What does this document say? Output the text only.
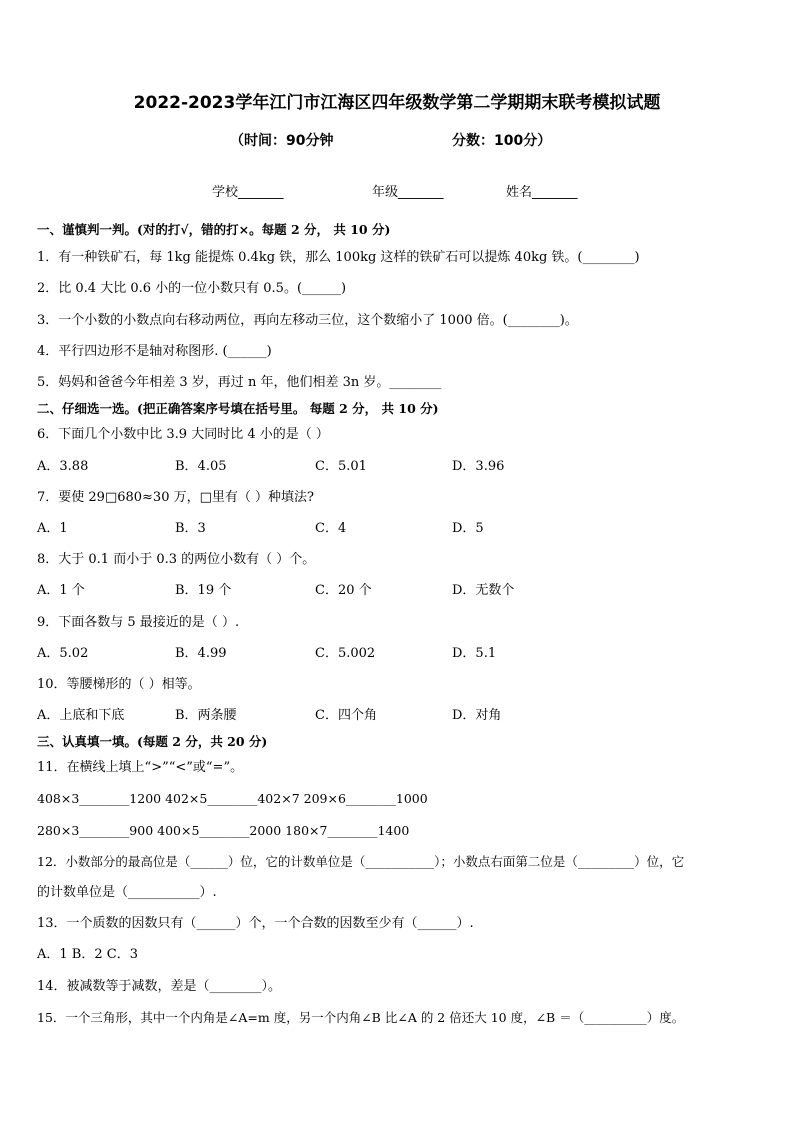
2022-2023学年江门市江海区四年级数学第二学期期末联考模拟试题
（时间：90分钟	分数：100分）
学校_______	年级_______	姓名_______
一、谨慎判一判。(对的打√，错的打×。每题 2 分， 共 10 分)
1．有一种铁矿石，每 1kg 能提炼 0.4kg 铁，那么 100kg 这样的铁矿石可以提炼 40kg 铁。(________)
2．比 0.4 大比 0.6 小的一位小数只有 0.5。(______)
3．一个小数的小数点向右移动两位，再向左移动三位，这个数缩小了 1000 倍。(________)。
4．平行四边形不是轴对称图形. (______)
5．妈妈和爸爸今年相差 3 岁，再过 n 年，他们相差 3n 岁。________
二、仔细选一选。(把正确答案序号填在括号里。 每题 2 分， 共 10 分)
6．下面几个小数中比 3.9 大同时比 4 小的是（ ）
A．3.88	B．4.05	C．5.01	D．3.96
7．要使 29□680≈30 万，□里有（ ）种填法?
A．1	B．3	C．4	D．5
8．大于 0.1 而小于 0.3 的两位小数有（ ）个。
A．1 个	B．19 个	C．20 个	D．无数个
9．下面各数与 5 最接近的是（ ）.
A．5.02	B．4.99	C．5.002	D．5.1
10．等腰梯形的（ ）相等。
A．上底和下底	B．两条腰	C．四个角	D．对角
三、认真填一填。(每题 2 分，共 20 分)
11．在横线上填上“>”“<”或“=”。
408×3________1200 402×5________402×7 209×6________1000
280×3________900 400×5________2000 180×7________1400
12．小数部分的最高位是（______）位，它的计数单位是（___________）；小数点右面第二位是（_________）位，它
的计数单位是（___________）.
13．一个质数的因数只有（______）个，一个合数的因数至少有（______）.
A．1 B．2 C．3
14．被减数等于减数，差是（________）。
15．一个三角形，其中一个内角是∠A=m 度，另一个内角∠B 比∠A 的 2 倍还大 10 度，∠B ＝（__________）度。
